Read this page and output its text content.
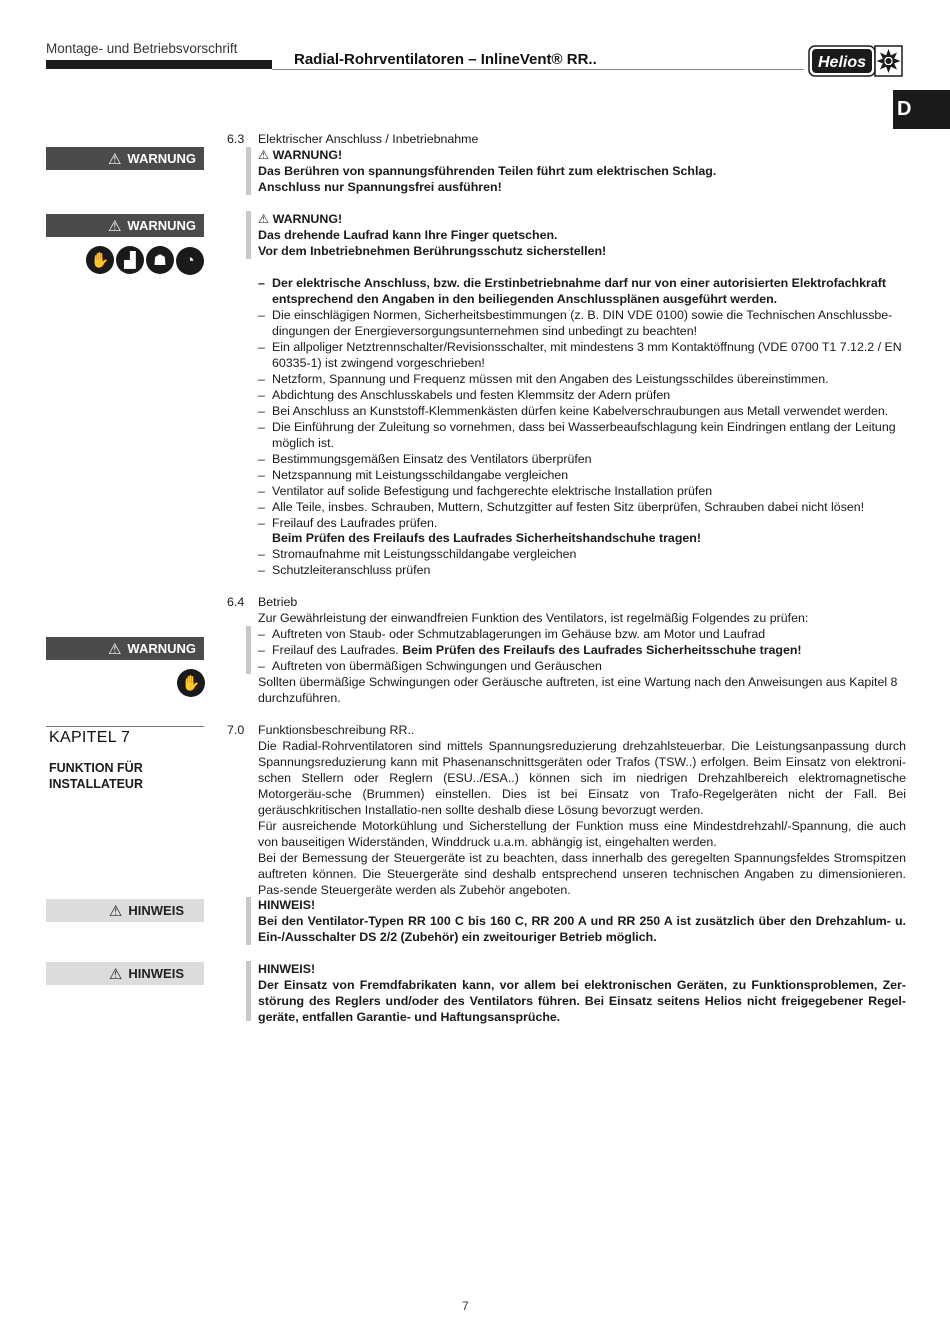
Montage- und Betriebsvorschrift
Radial-Rohrventilatoren – InlineVent® RR..	Helios
D
⚠ WARNUNG
⚠ WARNUNG
✋ ▟ ☗ ◔
⚠ WARNUNG
✋
KAPITEL 7
FUNKTION FÜR INSTALLATEUR
⚠ HINWEIS
⚠ HINWEIS
6.3 Elektrischer Anschluss / Inbetriebnahme
⚠ WARNUNG!
Das Berühren von spannungsführenden Teilen führt zum elektrischen Schlag.
Anschluss nur Spannungsfrei ausführen!
⚠ WARNUNG!
Das drehende Laufrad kann Ihre Finger quetschen.
Vor dem Inbetriebnehmen Berührungsschutz sicherstellen!
– Der elektrische Anschluss, bzw. die Erstinbetriebnahme darf nur von einer autorisierten Elektrofachkraft entsprechend den Angaben in den beiliegenden Anschlussplänen ausgeführt werden.
– Die einschlägigen Normen, Sicherheitsbestimmungen (z. B. DIN VDE 0100) sowie die Technischen Anschlussbe-dingungen der Energieversorgungsunternehmen sind unbedingt zu beachten!
– Ein allpoliger Netztrennschalter/Revisionsschalter, mit mindestens 3 mm Kontaktöffnung (VDE 0700 T1 7.12.2 / EN 60335-1) ist zwingend vorgeschrieben!
– Netzform, Spannung und Frequenz müssen mit den Angaben des Leistungsschildes übereinstimmen.
– Abdichtung des Anschlusskabels und festen Klemmsitz der Adern prüfen
– Bei Anschluss an Kunststoff-Klemmenkästen dürfen keine Kabelverschraubungen aus Metall verwendet werden.
– Die Einführung der Zuleitung so vornehmen, dass bei Wasserbeaufschlagung kein Eindringen entlang der Leitung möglich ist.
– Bestimmungsgemäßen Einsatz des Ventilators überprüfen
– Netzspannung mit Leistungsschildangabe vergleichen
– Ventilator auf solide Befestigung und fachgerechte elektrische Installation prüfen
– Alle Teile, insbes. Schrauben, Muttern, Schutzgitter auf festen Sitz überprüfen, Schrauben dabei nicht lösen!
– Freilauf des Laufrades prüfen.
Beim Prüfen des Freilaufs des Laufrades Sicherheitshandschuhe tragen!
– Stromaufnahme mit Leistungsschildangabe vergleichen
– Schutzleiteranschluss prüfen
6.4 Betrieb
Zur Gewährleistung der einwandfreien Funktion des Ventilators, ist regelmäßig Folgendes zu prüfen:
– Auftreten von Staub- oder Schmutzablagerungen im Gehäuse bzw. am Motor und Laufrad
– Freilauf des Laufrades. Beim Prüfen des Freilaufs des Laufrades Sicherheitsschuhe tragen!
– Auftreten von übermäßigen Schwingungen und Geräuschen
Sollten übermäßige Schwingungen oder Geräusche auftreten, ist eine Wartung nach den Anweisungen aus Kapitel 8 durchzuführen.
7.0 Funktionsbeschreibung RR..
Die Radial-Rohrventilatoren sind mittels Spannungsreduzierung drehzahlsteuerbar. Die Leistungsanpassung durch Spannungsreduzierung kann mit Phasenanschnittsgeräten oder Trafos (TSW..) erfolgen. Beim Einsatz von elektroni-schen Stellern oder Reglern (ESU../ESA..) können sich im niedrigen Drehzahlbereich elektromagnetische Motorgeräu-sche (Brummen) einstellen. Dies ist bei Einsatz von Trafo-Regelgeräten nicht der Fall. Bei geräuschkritischen Installatio-nen sollte deshalb diese Lösung bevorzugt werden.
Für ausreichende Motorkühlung und Sicherstellung der Funktion muss eine Mindestdrehzahl/-Spannung, die auch von bauseitigen Widerständen, Winddruck u.a.m. abhängig ist, eingehalten werden.
Bei der Bemessung der Steuergeräte ist zu beachten, dass innerhalb des geregelten Spannungsfeldes Stromspitzen auftreten können. Die Steuergeräte sind deshalb entsprechend unseren technischen Angaben zu dimensionieren. Pas-sende Steuergeräte werden als Zubehör angeboten.
HINWEIS!
Bei den Ventilator-Typen RR 100 C bis 160 C, RR 200 A und RR 250 A ist zusätzlich über den Drehzahlum- u. Ein-/Ausschalter DS 2/2 (Zubehör) ein zweitouriger Betrieb möglich.
HINWEIS!
Der Einsatz von Fremdfabrikaten kann, vor allem bei elektronischen Geräten, zu Funktionsproblemen, Zer-störung des Reglers und/oder des Ventilators führen. Bei Einsatz seitens Helios nicht freigegebener Regel-geräte, entfallen Garantie- und Haftungsansprüche.
7
